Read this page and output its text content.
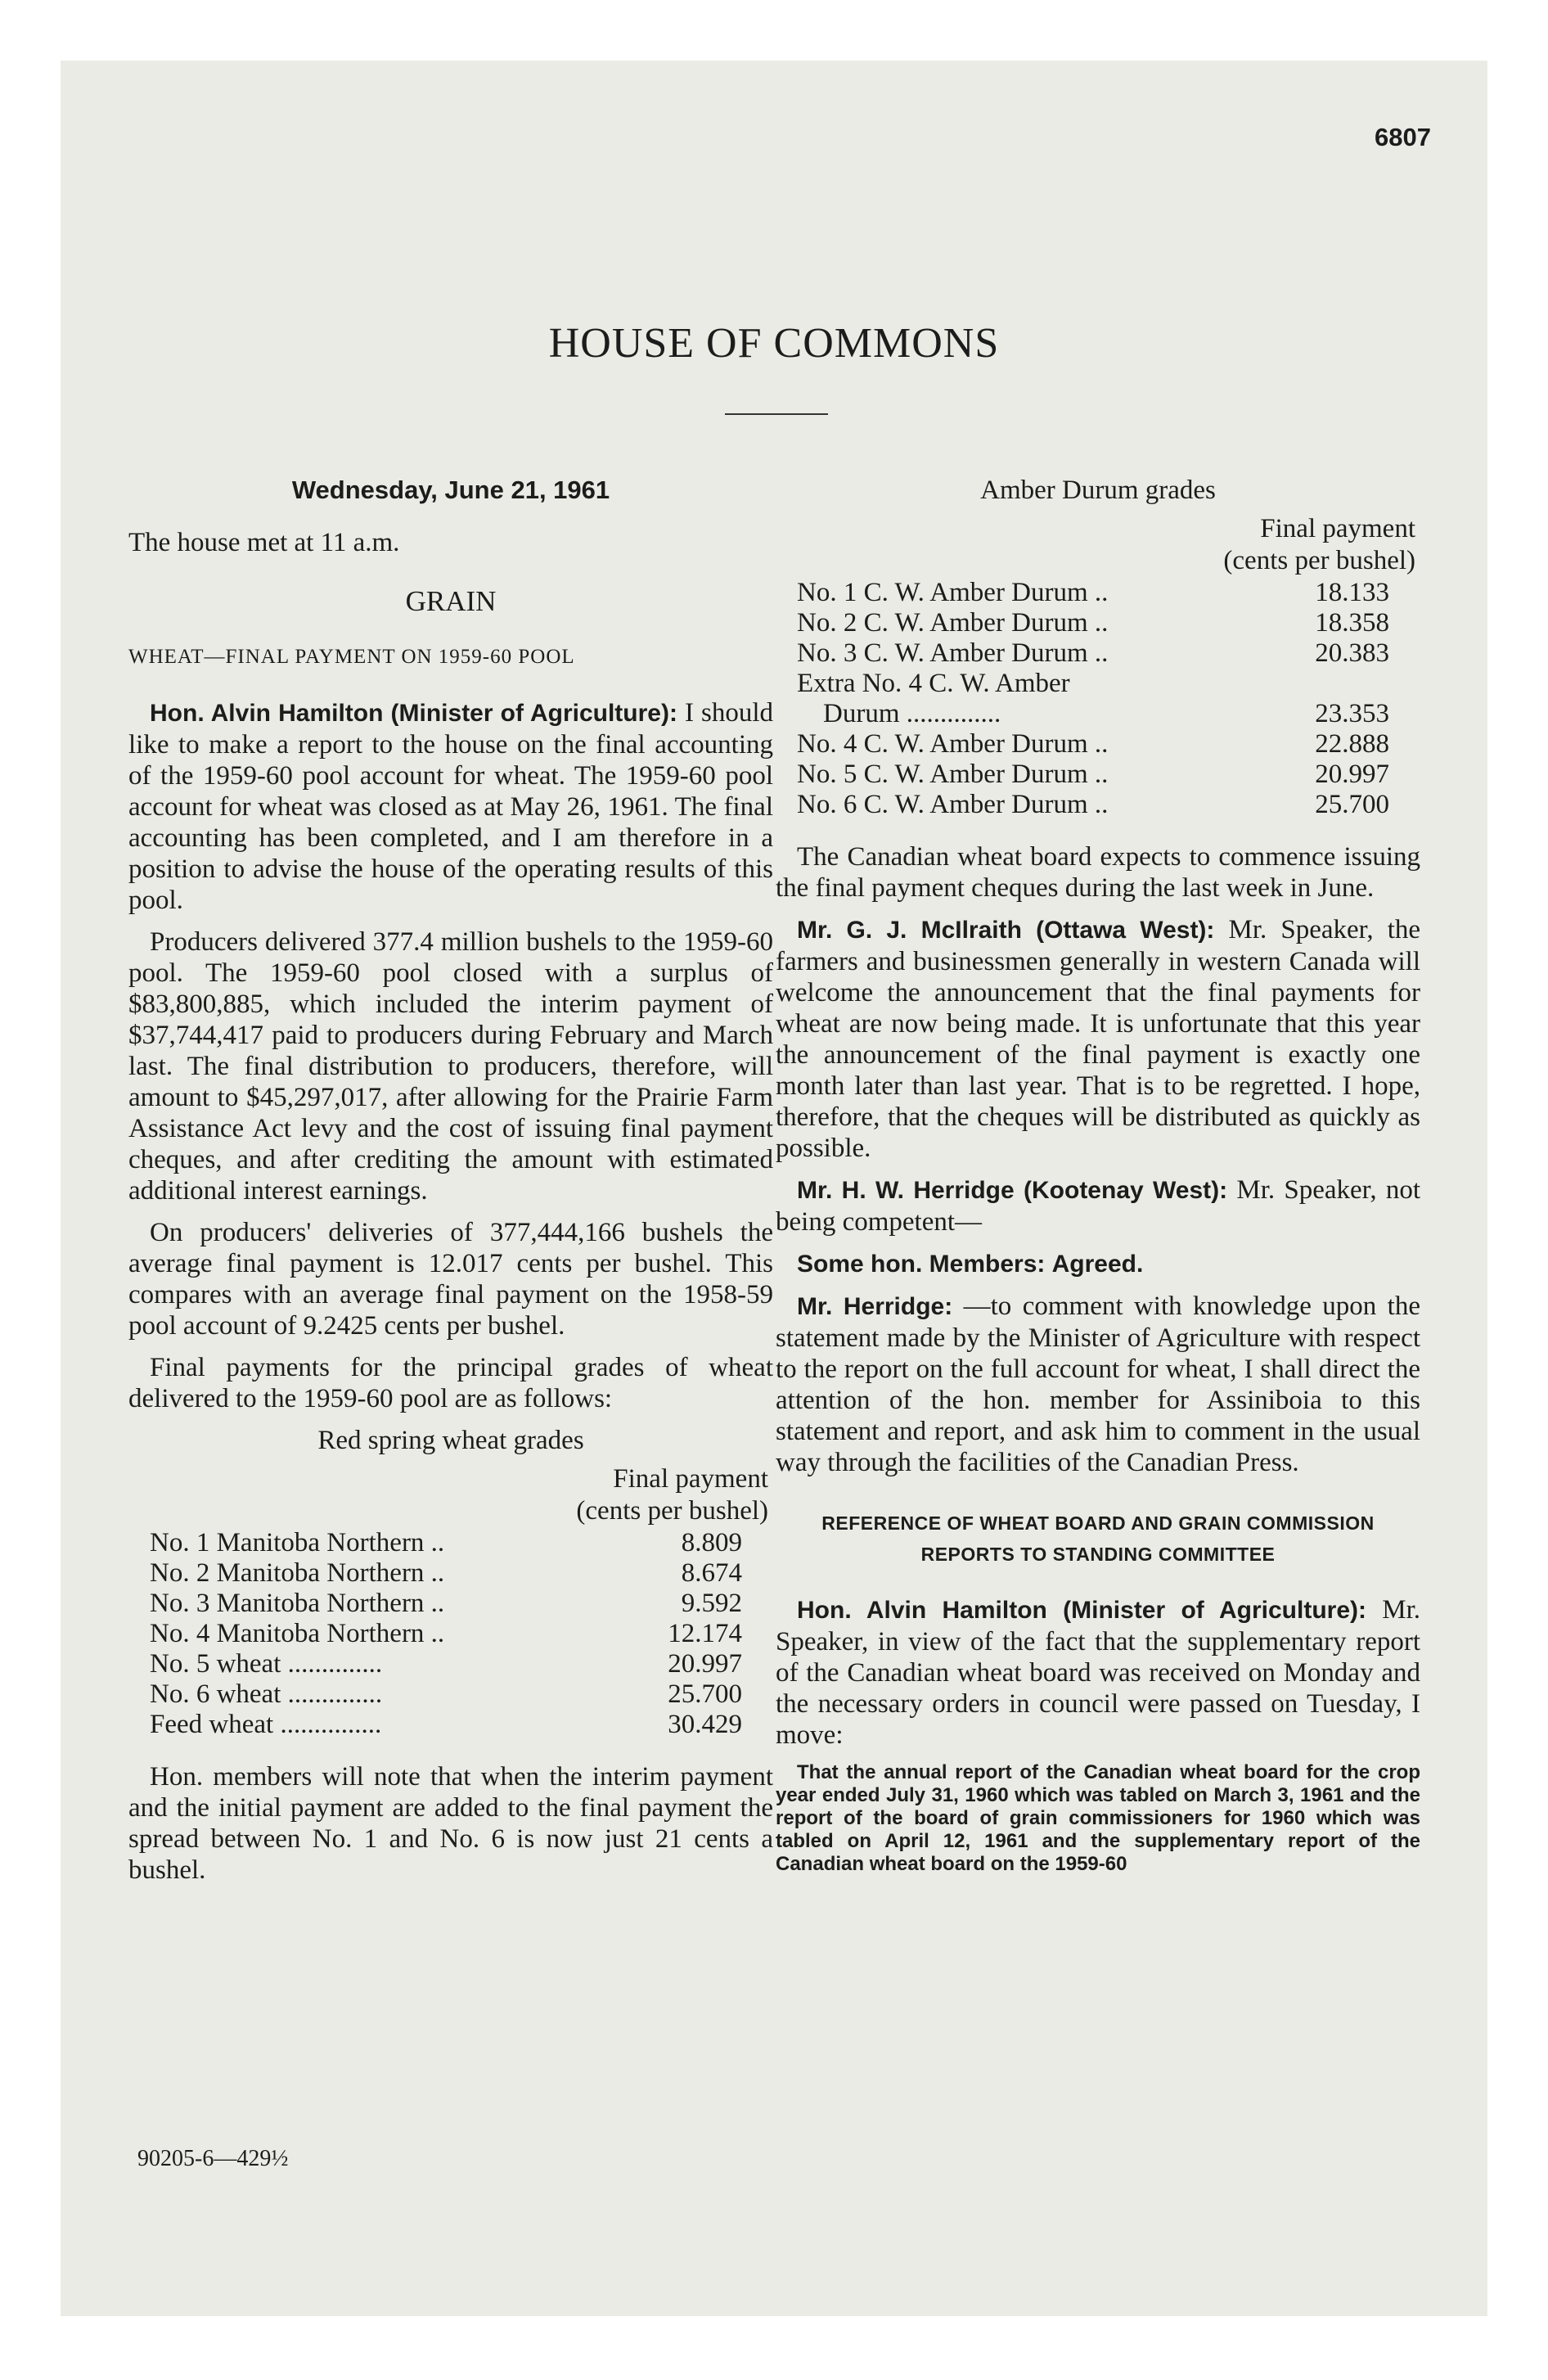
6807
HOUSE OF COMMONS

Wednesday, June 21, 1961

The house met at 11 a.m.

GRAIN

WHEAT—FINAL PAYMENT ON 1959-60 POOL

Hon. Alvin Hamilton (Minister of Agriculture): I should like to make a report to the house on the final accounting of the 1959-60 pool account for wheat. The 1959-60 pool account for wheat was closed as at May 26, 1961. The final accounting has been completed, and I am therefore in a position to advise the house of the operating results of this pool.

Producers delivered 377.4 million bushels to the 1959-60 pool. The 1959-60 pool closed with a surplus of $83,800,885, which included the interim payment of $37,744,417 paid to producers during February and March last. The final distribution to producers, therefore, will amount to $45,297,017, after allowing for the Prairie Farm Assistance Act levy and the cost of issuing final payment cheques, and after crediting the amount with estimated additional interest earnings.

On producers' deliveries of 377,444,166 bushels the average final payment is 12.017 cents per bushel. This compares with an average final payment on the 1958-59 pool account of 9.2425 cents per bushel.

Final payments for the principal grades of wheat delivered to the 1959-60 pool are as follows:

Red spring wheat grades

Final payment

(cents per bushel)

No. 1 Manitoba Northern ..	8.809
No. 2 Manitoba Northern ..	8.674
No. 3 Manitoba Northern ..	9.592
No. 4 Manitoba Northern ..	12.174
No. 5 wheat ..............	20.997
No. 6 wheat ..............	25.700
Feed wheat ...............	30.429

Hon. members will note that when the interim payment and the initial payment are added to the final payment the spread between No. 1 and No. 6 is now just 21 cents a bushel.

Amber Durum grades

Final payment

(cents per bushel)

No. 1 C. W. Amber Durum ..	18.133
No. 2 C. W. Amber Durum ..	18.358
No. 3 C. W. Amber Durum ..	20.383
Extra No. 4 C. W. Amber
Durum ..............	23.353
No. 4 C. W. Amber Durum ..	22.888
No. 5 C. W. Amber Durum ..	20.997
No. 6 C. W. Amber Durum ..	25.700

The Canadian wheat board expects to commence issuing the final payment cheques during the last week in June.

Mr. G. J. McIlraith (Ottawa West): Mr. Speaker, the farmers and businessmen generally in western Canada will welcome the announcement that the final payments for wheat are now being made. It is unfortunate that this year the announcement of the final payment is exactly one month later than last year. That is to be regretted. I hope, therefore, that the cheques will be distributed as quickly as possible.

Mr. H. W. Herridge (Kootenay West): Mr. Speaker, not being competent—

Some hon. Members: Agreed.

Mr. Herridge: —to comment with knowledge upon the statement made by the Minister of Agriculture with respect to the report on the full account for wheat, I shall direct the attention of the hon. member for Assiniboia to this statement and report, and ask him to comment in the usual way through the facilities of the Canadian Press.

REFERENCE OF WHEAT BOARD AND GRAIN COMMISSION REPORTS TO STANDING COMMITTEE

Hon. Alvin Hamilton (Minister of Agriculture): Mr. Speaker, in view of the fact that the supplementary report of the Canadian wheat board was received on Monday and the necessary orders in council were passed on Tuesday, I move:

That the annual report of the Canadian wheat board for the crop year ended July 31, 1960 which was tabled on March 3, 1961 and the report of the board of grain commissioners for 1960 which was tabled on April 12, 1961 and the supplementary report of the Canadian wheat board on the 1959-60

90205-6—429½
